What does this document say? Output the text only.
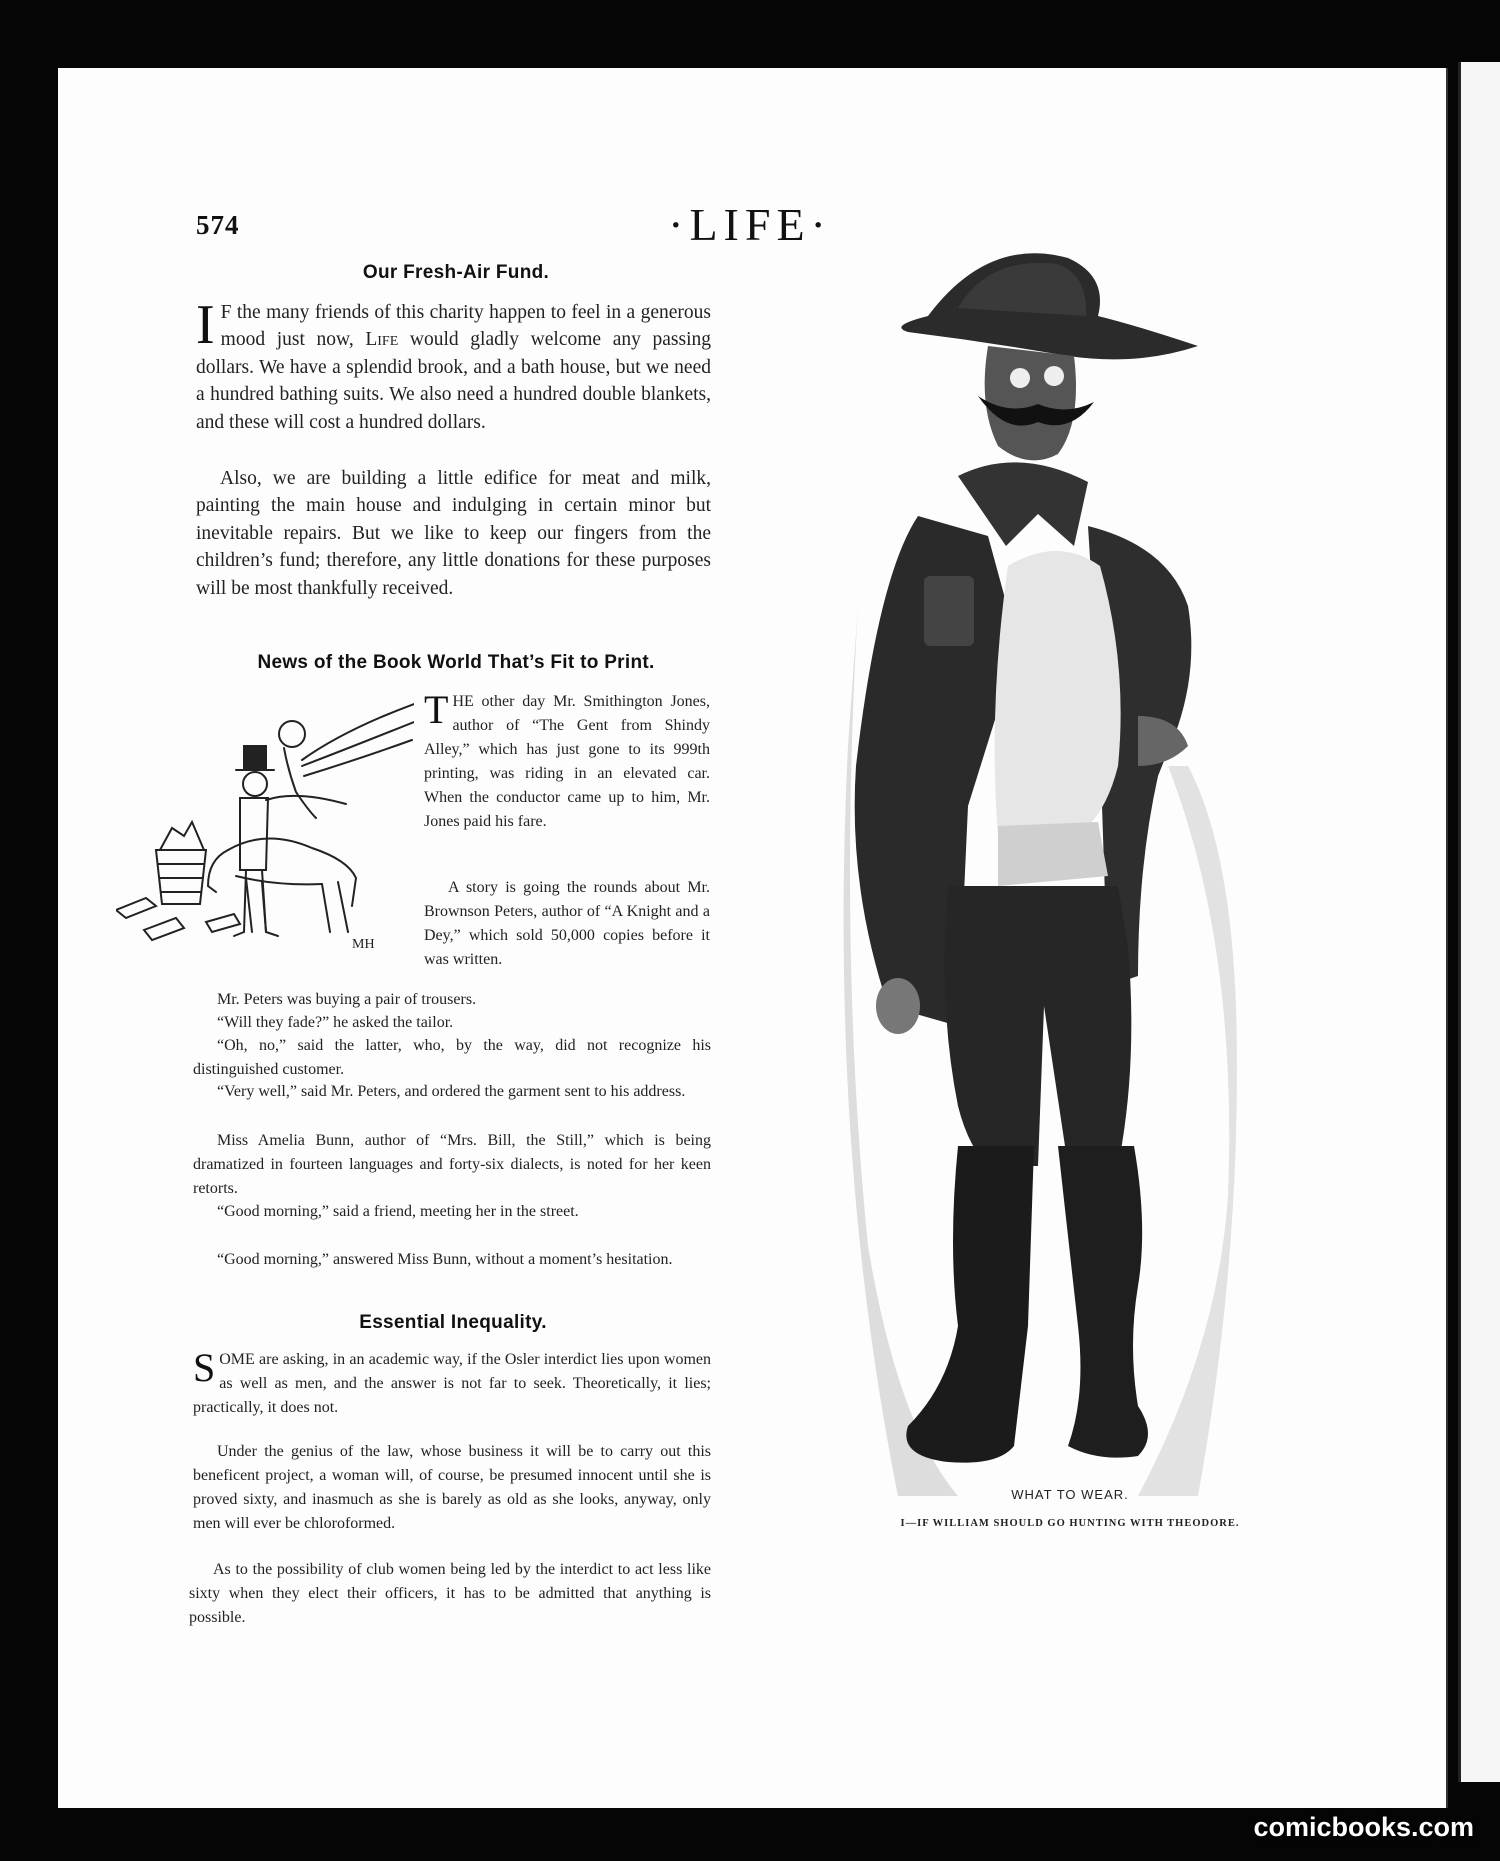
574	·LIFE·
Our Fresh-Air Fund.
I F the many friends of this charity happen to feel in a generous mood just now, Life would gladly welcome any passing dollars. We have a splendid brook, and a bath house, but we need a hundred bathing suits. We also need a hundred double blankets, and these will cost a hundred dollars.
Also, we are building a little edifice for meat and milk, painting the main house and indulging in certain minor but inevitable repairs. But we like to keep our fingers from the children’s fund; therefore, any little donations for these purposes will be most thankfully received.
News of the Book World That’s Fit to Print.
MH
THE other day Mr. Smithington Jones, author of “The Gent from Shindy Alley,” which has just gone to its 999th printing, was riding in an elevated car. When the conductor came up to him, Mr. Jones paid his fare.
A story is going the rounds about Mr. Brownson Peters, author of “A Knight and a Dey,” which sold 50,000 copies before it was written.
Mr. Peters was buying a pair of trousers.
“Will they fade?” he asked the tailor.
“Oh, no,” said the latter, who, by the way, did not recognize his distinguished customer.
“Very well,” said Mr. Peters, and ordered the garment sent to his address.
Miss Amelia Bunn, author of “Mrs. Bill, the Still,” which is being dramatized in fourteen languages and forty-six dialects, is noted for her keen retorts.
“Good morning,” said a friend, meeting her in the street.
“Good morning,” answered Miss Bunn, without a moment’s hesitation.
Essential Inequality.
SOME are asking, in an academic way, if the Osler interdict lies upon women as well as men, and the answer is not far to seek. Theoretically, it lies; practically, it does not.
Under the genius of the law, whose business it will be to carry out this beneficent project, a woman will, of course, be presumed innocent until she is proved sixty, and inasmuch as she is barely as old as she looks, anyway, only men will ever be chloroformed.
As to the possibility of club women being led by the interdict to act less like sixty when they elect their officers, it has to be admitted that anything is possible.
WHAT TO WEAR.
I—IF WILLIAM SHOULD GO HUNTING WITH THEODORE.
comicbooks.com
